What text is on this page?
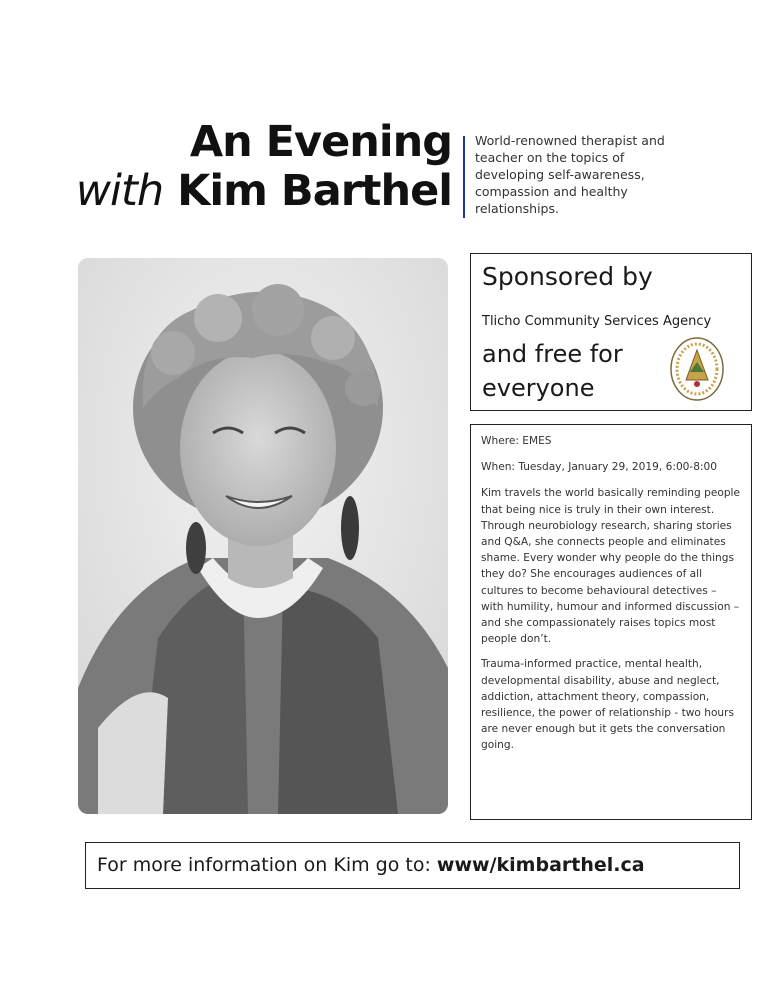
An Evening
with Kim Barthel
World-renowned therapist and teacher on the topics of developing self-awareness, compassion and healthy relationships.
Sponsored by
Tlicho Community Services Agency
and free for everyone

Where: EMES

When: Tuesday, January 29, 2019, 6:00-8:00

Kim travels the world basically reminding people that being nice is truly in their own interest. Through neurobiology research, sharing stories and Q&A, she connects people and eliminates shame. Every wonder why people do the things they do? She encourages audiences of all cultures to become behavioural detectives – with humility, humour and informed discussion – and she compassionately raises topics most people don’t.

Trauma-informed practice, mental health, developmental disability, abuse and neglect, addiction, attachment theory, compassion, resilience, the power of relationship - two hours are never enough but it gets the conversation going.

For more information on Kim go to: www/kimbarthel.ca
